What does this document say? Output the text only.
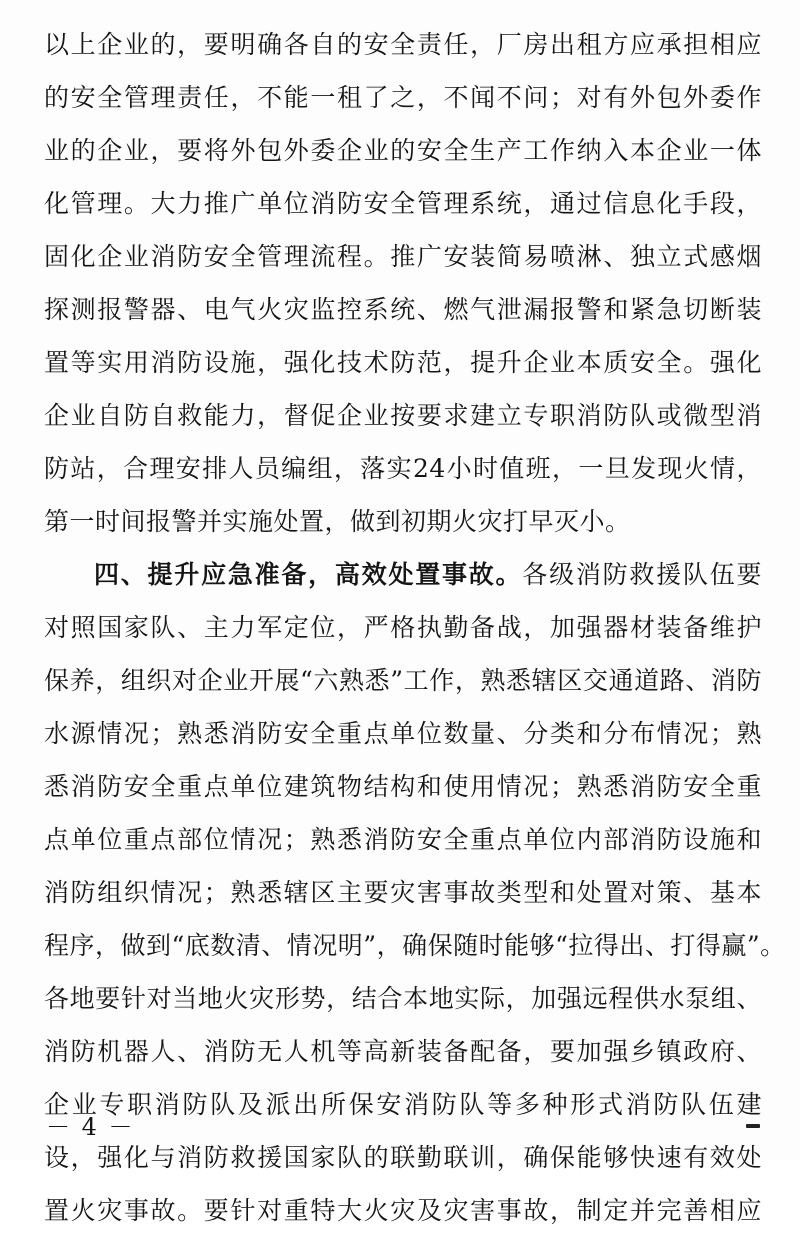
以上企业的，要明确各自的安全责任，厂房出租方应承担相应
的安全管理责任，不能一租了之，不闻不问；对有外包外委作
业的企业，要将外包外委企业的安全生产工作纳入本企业一体
化管理。大力推广单位消防安全管理系统，通过信息化手段，
固化企业消防安全管理流程。推广安装简易喷淋、独立式感烟
探测报警器、电气火灾监控系统、燃气泄漏报警和紧急切断装
置等实用消防设施，强化技术防范，提升企业本质安全。强化
企业自防自救能力，督促企业按要求建立专职消防队或微型消
防站，合理安排人员编组，落实24小时值班，一旦发现火情，
第一时间报警并实施处置，做到初期火灾打早灭小。
四、提升应急准备，高效处置事故。各级消防救援队伍要
对照国家队、主力军定位，严格执勤备战，加强器材装备维护
保养，组织对企业开展“六熟悉”工作，熟悉辖区交通道路、消防
水源情况；熟悉消防安全重点单位数量、分类和分布情况；熟
悉消防安全重点单位建筑物结构和使用情况；熟悉消防安全重
点单位重点部位情况；熟悉消防安全重点单位内部消防设施和
消防组织情况；熟悉辖区主要灾害事故类型和处置对策、基本
程序，做到“底数清、情况明”，确保随时能够“拉得出、打得赢”。
各地要针对当地火灾形势，结合本地实际，加强远程供水泵组、
消防机器人、消防无人机等高新装备配备，要加强乡镇政府、
企业专职消防队及派出所保安消防队等多种形式消防队伍建
设，强化与消防救援国家队的联勤联训，确保能够快速有效处
置火灾事故。要针对重特大火灾及灾害事故，制定并完善相应
－ 4 －
